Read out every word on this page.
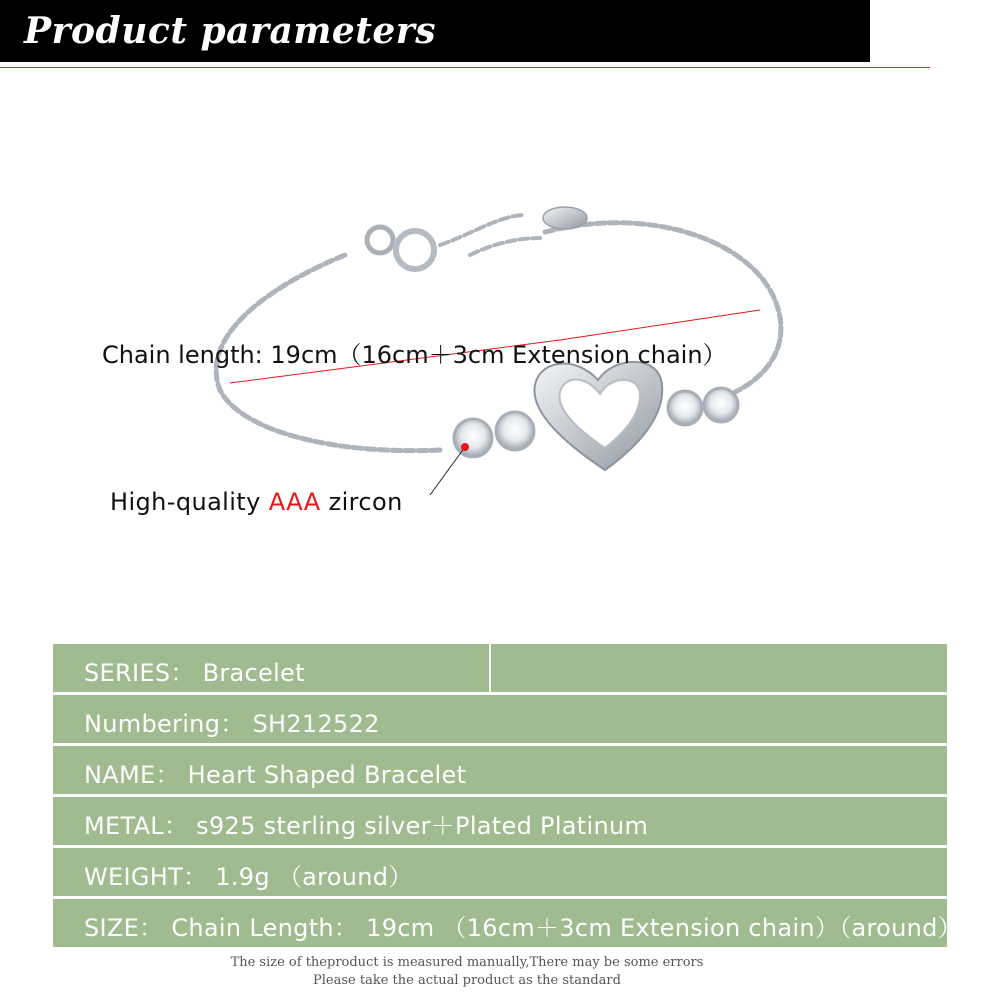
Product parameters
Chain length: 19cm（16cm＋3cm Extension chain）
High-quality AAA zircon
SERIES： Bracelet
Numbering： SH212522
NAME： Heart Shaped Bracelet
METAL： s925 sterling silver＋Plated Platinum
WEIGHT： 1.9g （around）
SIZE： Chain Length： 19cm （16cm＋3cm Extension chain）（around）
The size of theproduct is measured manually,There may be some errors
Please take the actual product as the standard
